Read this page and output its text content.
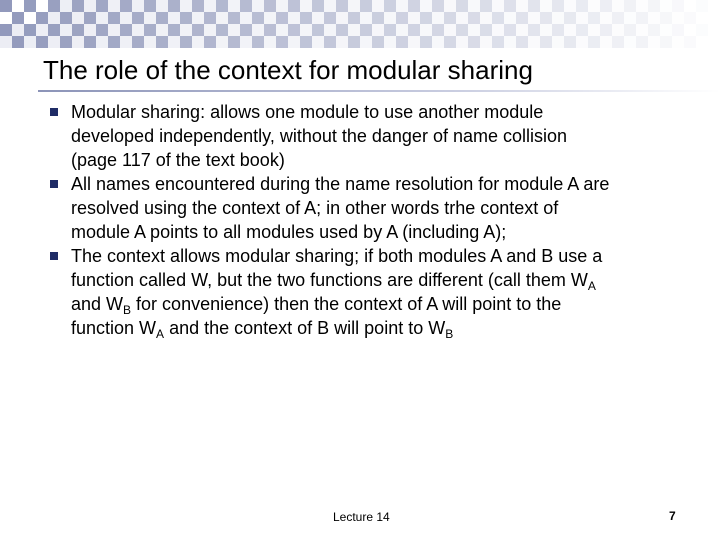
The role of the context for modular sharing
Modular sharing: allows one module to use another module
developed independently, without the danger of name collision
(page 117 of the text book)
All names encountered during the name resolution for module A are
resolved using the context of A; in other words trhe context of
module A points to all modules used by A (including A);
The context allows modular sharing; if both modules A and B use a
function called W, but the two functions are different (call them $W_A$
and $W_B$ for convenience) then the context of A will point to the
function $W_A$ and the context of B will point to $W_B$
Lecture 14	7
